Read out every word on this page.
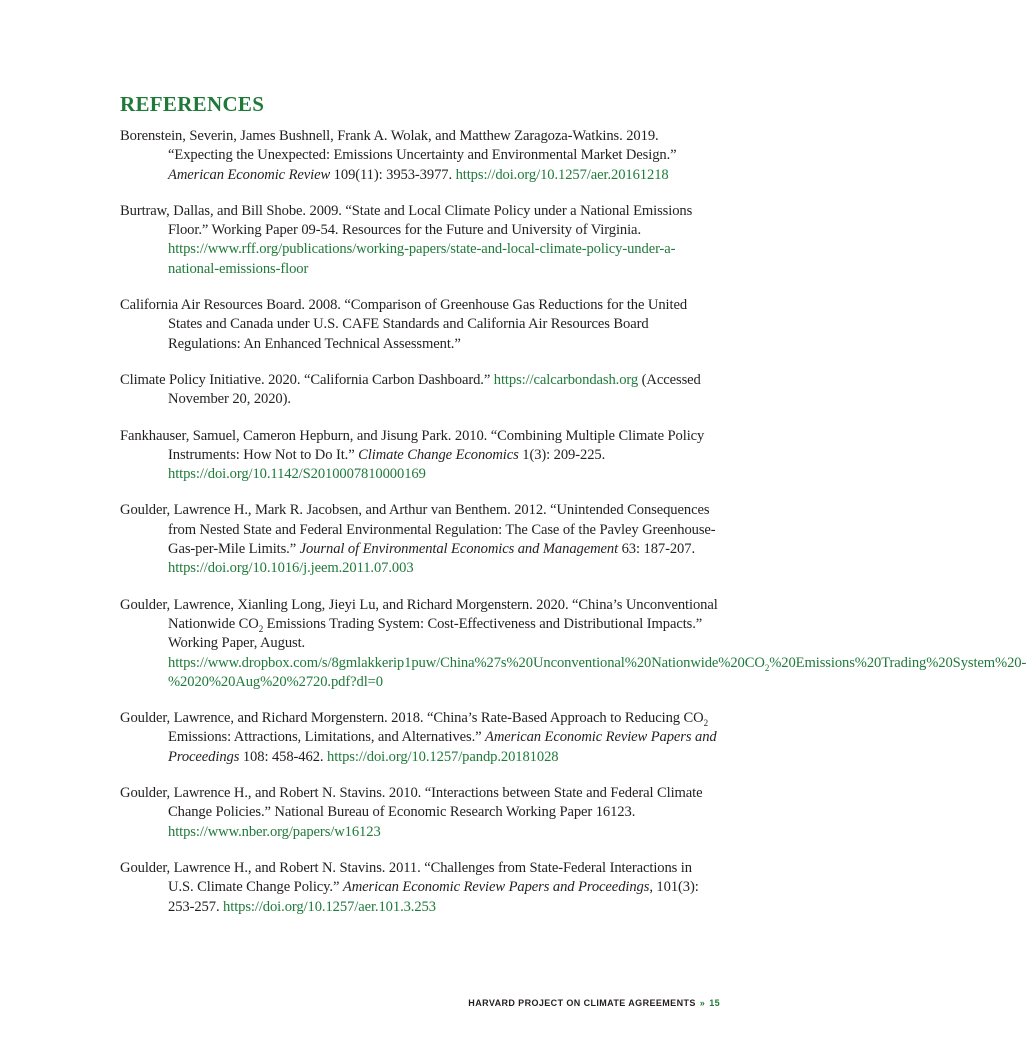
REFERENCES

Borenstein, Severin, James Bushnell, Frank A. Wolak, and Matthew Zaragoza-Watkins. 2019. “Expecting the Unexpected: Emissions Uncertainty and Environmental Market Design.” American Economic Review 109(11): 3953-3977. https://doi.org/10.1257/aer.20161218

Burtraw, Dallas, and Bill Shobe. 2009. “State and Local Climate Policy under a National Emissions Floor.” Working Paper 09-54. Resources for the Future and University of Virginia. https://www.rff.org/publications/working-papers/state-and-local-climate-policy-under-a-national-emissions-floor

California Air Resources Board. 2008. “Comparison of Greenhouse Gas Reductions for the United States and Canada under U.S. CAFE Standards and California Air Resources Board Regulations: An Enhanced Technical Assessment.”

Climate Policy Initiative. 2020. “California Carbon Dashboard.” https://calcarbondash.org (Accessed November 20, 2020).

Fankhauser, Samuel, Cameron Hepburn, and Jisung Park. 2010. “Combining Multiple Climate Policy Instruments: How Not to Do It.” Climate Change Economics 1(3): 209-225. https://doi.org/10.1142/S2010007810000169

Goulder, Lawrence H., Mark R. Jacobsen, and Arthur van Benthem. 2012. “Unintended Consequences from Nested State and Federal Environmental Regulation: The Case of the Pavley Greenhouse-Gas-per-Mile Limits.” Journal of Environmental Economics and Management 63: 187-207. https://doi.org/10.1016/j.jeem.2011.07.003

Goulder, Lawrence, Xianling Long, Jieyi Lu, and Richard Morgenstern. 2020. “China’s Unconventional Nationwide $CO_2$ Emissions Trading System: Cost-Effectiveness and Distributional Impacts.” Working Paper, August. $https://www.dropbox.com/s/8gmlakkerip1puw/China\%27s\%20Unconventional\%20Nationwide\%20CO_2\%20Emissions\%20Trading\%20System\%2$0-%2020%20Aug%20%2720.pdf?dl=0

Goulder, Lawrence, and Richard Morgenstern. 2018. “China’s Rate-Based Approach to Reducing $CO_2$ Emissions: Attractions, Limitations, and Alternatives.” American Economic Review Papers and Proceedings 108: 458-462. https://doi.org/10.1257/pandp.20181028

Goulder, Lawrence H., and Robert N. Stavins. 2010. “Interactions between State and Federal Climate Change Policies.” National Bureau of Economic Research Working Paper 16123. https://www.nber.org/papers/w16123

Goulder, Lawrence H., and Robert N. Stavins. 2011. “Challenges from State-Federal Interactions in U.S. Climate Change Policy.” American Economic Review Papers and Proceedings, 101(3): 253-257. https://doi.org/10.1257/aer.101.3.253

HARVARD PROJECT ON CLIMATE AGREEMENTS » 15
